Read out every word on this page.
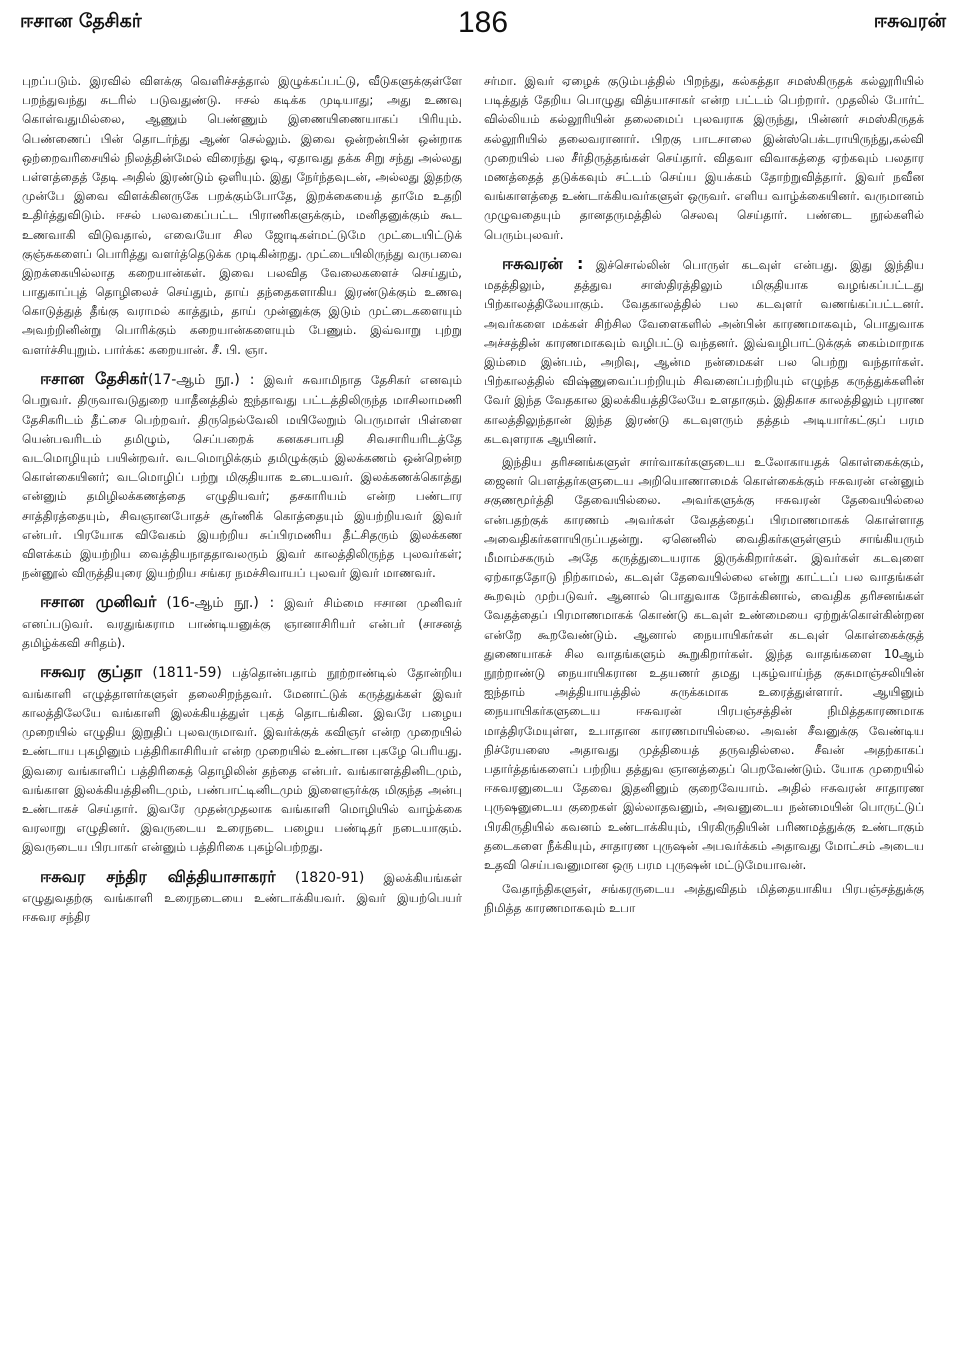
ஈசான தேசிகர்	186	ஈசுவரன்

புறப்படும். இரவில் விளக்கு வெளிச்சத்தால் இழுக்கப்பட்டு, வீடுகளுக்குள்ளே பறந்துவந்து சுடரில் படுவதுண்டு. ஈசல் கடிக்க முடியாது; அது உணவு கொள்வதுமில்லை, ஆணும் பெண்ணும் இணையிணையாகப் பிரியும். பெண்ணைப் பின் தொடர்ந்து ஆண் செல்லும். இவை ஒன்றன்பின் ஒன்றாக ஒற்றைவரிசையில் நிலத்தின்மேல் விரைந்து ஓடி, ஏதாவது தக்க சிறு சந்து அல்லது பள்ளத்தைத் தேடி அதில் இரண்டும் ஒளியும். இது நேர்ந்தவுடன், அல்லது இதற்கு முன்பே இவை விளக்கினருகே பறக்கும்போதே, இறக்கையைத் தாமே உதறி உதிர்த்துவிடும். ஈசல் பலவகைப்பட்ட பிராணிகளுக்கும், மனிதனுக்கும் கூட உணவாகி விடுவதால், எவையோ சில ஜோடிகள்மட்டுமே முட்டையிட்டுக் குஞ்சுகளைப் பொரித்து வளர்த்தெடுக்க முடிகின்றது. முட்டையிலிருந்து வருபவை இறக்கையில்லாத கறையான்கள். இவை பலவித வேலைகளைச் செய்தும், பாதுகாப்புத் தொழிலைச் செய்தும், தாய் தந்தைகளாகிய இரண்டுக்கும் உணவு கொடுத்துத் தீங்கு வராமல் காத்தும், தாய் முன்னுக்கு இடும் முட்டைகளையும் அவற்றினின்று பொரிக்கும் கறையான்களையும் பேணும். இவ்வாறு புற்று வளர்ச்சியுறும். பார்க்க: கறையான். சீ. பி. ஞா.

ஈசான தேசிகர்(17-ஆம் நூ.) : இவர் சுவாமிநாத தேசிகர் எனவும் பெறுவர். திருவாவடுதுறை யாதீனத்தில் ஐந்தாவது பட்டத்திலிருந்த மாசிலாமணி தேசிகரிடம் தீட்சை பெற்றவர். திருநெல்வேலி மயிலேறும் பெருமாள் பிள்ளை யென்பவரிடம் தமிழும், செப்பறைக் கனகசபாபதி சிவசாரியரிடத்தே வடமொழியும் பயின்றவர். வடமொழிக்கும் தமிழுக்கும் இலக்கணம் ஒன்றென்ற கொள்கையினர்; வடமொழிப் பற்று மிகுதியாக உடையவர். இலக்கணக்கொத்து என்னும் தமிழிலக்கணத்தை எழுதியவர்; தசகாரியம் என்ற பண்டார சாத்திரத்தையும், சிவஞானபோதச் சூர்ணிக் கொத்தையும் இயற்றியவர் இவர் என்பர். பிரயோக விவேகம் இயற்றிய சுப்பிரமணிய தீட்சிதரும் இலக்கண விளக்கம் இயற்றிய வைத்தியநாததாவலரும் இவர் காலத்திலிருந்த புலவர்கள்; நன்னூல் விருத்தியுரை இயற்றிய சங்கர நமச்சிவாயப் புலவர் இவர் மாணவர்.

ஈசான முனிவர் (16-ஆம் நூ.) : இவர் சிம்மை ஈசான முனிவர் எனப்படுவர். வரதுங்கராம பாண்டியனுக்கு ஞானாசிரியர் என்பர் (சாசனத் தமிழ்க்கவி சரிதம்).

ஈசுவர குப்தா (1811-59) பத்தொன்பதாம் நூற்றாண்டில் தோன்றிய வங்காளி எழுத்தாளர்களுள் தலைசிறந்தவர். மேனாட்டுக் கருத்துக்கள் இவர் காலத்திலேயே வங்காளி இலக்கியத்துள் புகத் தொடங்கின. இவரே பழைய முறையில் எழுதிய இறுதிப் புலவருமாவர். இவர்க்குக் கவிஞர் என்ற முறையில் உண்டாய புகழினும் பத்திரிகாசிரியர் என்ற முறையில் உண்டான புகழே பெரியது. இவரை வங்காளிப் பத்திரிகைத் தொழிலின் தந்தை என்பர். வங்காளத்தினிடமும், வங்காள இலக்கியத்தினிடமும், பண்பாட்டினிடமும் இளைஞர்க்கு மிகுந்த அன்பு உண்டாகச் செய்தார். இவரே முதன்முதலாக வங்காளி மொழியில் வாழ்க்கை வரலாறு எழுதினர். இவருடைய உரைநடை பழைய பண்டிதர் நடையாகும். இவருடைய பிரபாகர் என்னும் பத்திரிகை புகழ்பெற்றது.

ஈசுவர சந்திர வித்தியாசாகரர் (1820-91) இலக்கியங்கள் எழுதுவதற்கு வங்காளி உரைநடையை உண்டாக்கியவர். இவர் இயற்பெயர் ஈசுவர சந்திர

சர்மா. இவர் ஏழைக் குடும்பத்தில் பிறந்து, கல்கத்தா சமஸ்கிருதக் கல்லூரியில் படித்துத் தேறிய பொழுது வித்யாசாகர் என்ற பட்டம் பெற்றார். முதலில் போர்ட் வில்லியம் கல்லூரியின் தலைமைப் புலவராக இருந்து, பின்னர் சமஸ்கிருதக் கல்லூரியில் தலைவரானார். பிறகு பாடசாலை இன்ஸ்பெக்டராயிருந்து,கல்வி முறையில் பல சீர்திருத்தங்கள் செய்தார். விதவா விவாகத்தை ஏற்கவும் பலதார மணத்தைத் தடுக்கவும் சட்டம் செய்ய இயக்கம் தோற்றுவித்தார். இவர் நவீன வங்காளத்தை உண்டாக்கியவர்களுள் ஒருவர். எளிய வாழ்க்கையினர். வருமானம் முழுவதையும் தானதருமத்தில் செலவு செய்தார். பண்டை நூல்களில் பெரும்புலவர்.

ஈசுவரன் : இச்சொல்லின் பொருள் கடவுள் என்பது. இது இந்திய மதத்திலும், தத்துவ சாஸ்திரத்திலும் மிகுதியாக வழங்கப்பட்டது பிற்காலத்திலேயாகும். வேதகாலத்தில் பல கடவுளர் வணங்கப்பட்டனர். அவர்களை மக்கள் சிற்சில வேளைகளில் அன்பின் காரணமாகவும், பொதுவாக அச்சத்தின் காரணமாகவும் வழிபட்டு வந்தனர். இவ்வழிபாட்டுக்குக் கைம்மாறாக இம்மை இன்பம், அறிவு, ஆன்ம நன்மைகள் பல பெற்று வந்தார்கள். பிற்காலத்தில் விஷ்ணுவைப்பற்றியும் சிவனைப்பற்றியும் எழுந்த கருத்துக்களின் வேர் இந்த வேதகால இலக்கியத்திலேயே உளதாகும். இதிகாச காலத்திலும் புராண காலத்திலுந்தான் இந்த இரண்டு கடவுளரும் தத்தம் அடியார்கட்குப் பரம கடவுளராக ஆயினர்.

இந்திய தரிசனங்களுள் சார்வாகர்களுடைய உலோகாயதக் கொள்கைக்கும், ஜைனர் பௌத்தர்களுடைய அறியொணாமைக் கொள்கைக்கும் ஈசுவரன் என்னும் சகுணமூர்த்தி தேவையில்லை. அவர்களுக்கு ஈசுவரன் தேவையில்லை என்பதற்குக் காரணம் அவர்கள் வேதத்தைப் பிரமாணமாகக் கொள்ளாத அவைதிகர்களாயிருப்பதன்று. ஏனெனில் வைதிகர்களுள்ளும் சாங்கியரும் மீமாம்சகரும் அதே கருத்துடையராக இருக்கிறார்கள். இவர்கள் கடவுளை ஏற்காததோடு நிற்காமல், கடவுள் தேவையில்லை என்று காட்டப் பல வாதங்கள் கூறவும் முற்படுவர். ஆனால் பொதுவாக நோக்கினால், வைதிக தரிசனங்கள் வேதத்தைப் பிரமாணமாகக் கொண்டு கடவுள் உண்மையை ஏற்றுக்கொள்கின்றன என்றே கூறவேண்டும். ஆனால் நையாயிகர்கள் கடவுள் கொள்கைக்குத் துணையாகச் சில வாதங்களும் கூறுகிறார்கள். இந்த வாதங்களை 10ஆம் நூற்றாண்டு நையாயிகரான உதயணர் தமது புகழ்வாய்ந்த குசுமாஞ்சலியின் ஐந்தாம் அத்தியாயத்தில் சுருக்கமாக உரைத்துள்ளார். ஆயினும் நையாயிகர்களுடைய ஈசுவரன் பிரபஞ்சத்தின் நிமித்தகாரணமாக மாத்திரமேயுள்ள, உபாதான காரணமாயில்லை. அவன் சீவனுக்கு வேண்டிய நிச்ரேயஸை அதாவது முத்தியைத் தருவதில்லை. சீவன் அதற்காகப் பதார்த்தங்களைப் பற்றிய தத்துவ ஞானத்தைப் பெறவேண்டும். யோக முறையில் ஈசுவரனுடைய தேவை இதனினும் குறைவேயாம். அதில் ஈசுவரன் சாதாரண புருஷனுடைய குறைகள் இல்லாதவனும், அவனுடைய நன்மையின் பொருட்டுப் பிரகிருதியில் கவனம் உண்டாக்கியும், பிரகிருதியின் பரிணமத்துக்கு உண்டாகும் தடைகளை நீக்கியும், சாதாரண புருஷன் அபவர்க்கம் அதாவது மோட்சம் அடைய உதவி செய்பவனுமான ஒரு பரம புருஷன் மட்டுமேயாவன்.

வேதாந்திகளுள், சங்கரருடைய அத்துவிதம் மித்தையாகிய பிரபஞ்சத்துக்கு நிமித்த காரணமாகவும் உபா
